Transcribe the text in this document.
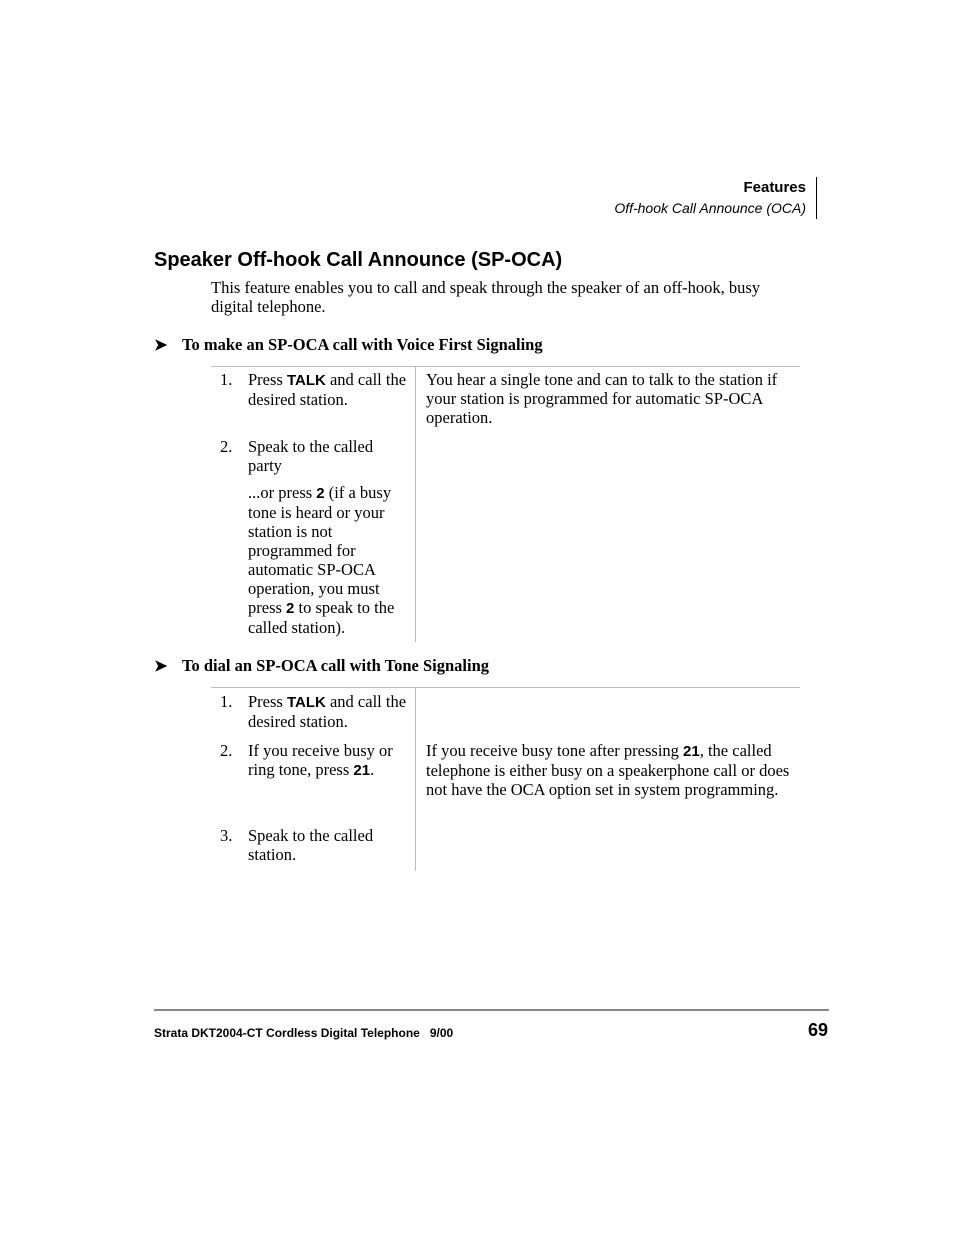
Features
Off-hook Call Announce (OCA)
Speaker Off-hook Call Announce (SP-OCA)

This feature enables you to call and speak through the speaker of an off-hook, busy digital telephone.

➤ To make an SP-OCA call with Voice First Signaling
1. Press TALK and call the desired station.
2. Speak to the called party
...or press 2 (if a busy tone is heard or your station is not programmed for automatic SP-OCA operation, you must press 2 to speak to the called station).
You hear a single tone and can to talk to the station if your station is programmed for automatic SP-OCA operation.
➤ To dial an SP-OCA call with Tone Signaling
1. Press TALK and call the desired station.
2. If you receive busy or ring tone, press 21.
If you receive busy tone after pressing 21, the called telephone is either busy on a speakerphone call or does not have the OCA option set in system programming.
3. Speak to the called station.
Strata DKT2004-CT Cordless Digital Telephone   9/00	69
